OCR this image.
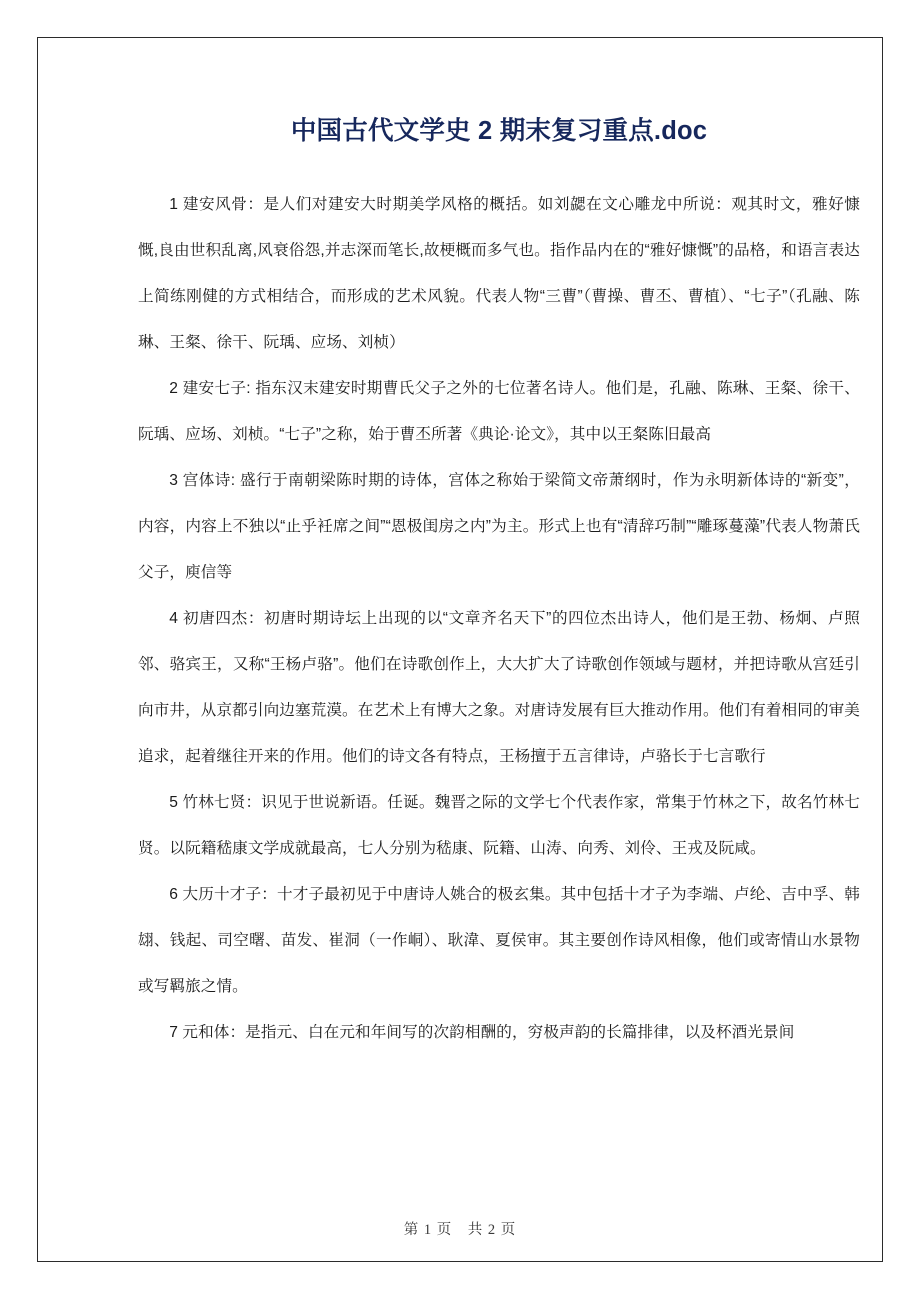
中国古代文学史 2 期末复习重点.doc

1 建安风骨：是人们对建安大时期美学风格的概括。如刘勰在文心雕龙中所说：观其时文，雅好慷慨,良由世积乱离,风衰俗怨,并志深而笔长,故梗概而多气也。指作品内在的“雅好慷慨”的品格，和语言表达上简练刚健的方式相结合，而形成的艺术风貌。代表人物“三曹”（曹操、曹丕、曹植）、“七子”（孔融、陈琳、王粲、徐干、阮瑀、应场、刘桢）

2 建安七子: 指东汉末建安时期曹氏父子之外的七位著名诗人。他们是，孔融、陈琳、王粲、徐干、阮瑀、应场、刘桢。“七子”之称，始于曹丕所著《典论·论文》，其中以王粲陈旧最高

3 宫体诗: 盛行于南朝梁陈时期的诗体，宫体之称始于梁简文帝萧纲时，作为永明新体诗的“新变”，内容，内容上不独以“止乎衽席之间”“恩极闺房之内”为主。形式上也有“清辞巧制”“雕琢蔓藻”代表人物萧氏父子，庾信等

4 初唐四杰：初唐时期诗坛上出现的以“文章齐名天下”的四位杰出诗人，他们是王勃、杨炯、卢照邻、骆宾王，又称“王杨卢骆”。他们在诗歌创作上，大大扩大了诗歌创作领域与题材，并把诗歌从宫廷引向市井，从京都引向边塞荒漠。在艺术上有博大之象。对唐诗发展有巨大推动作用。他们有着相同的审美追求，起着继往开来的作用。他们的诗文各有特点，王杨擅于五言律诗，卢骆长于七言歌行

5 竹林七贤：识见于世说新语。任诞。魏晋之际的文学七个代表作家，常集于竹林之下，故名竹林七贤。以阮籍嵇康文学成就最高，七人分别为嵇康、阮籍、山涛、向秀、刘伶、王戎及阮咸。

6 大历十才子：十才子最初见于中唐诗人姚合的极玄集。其中包括十才子为李端、卢纶、吉中孚、韩翃、钱起、司空曙、苗发、崔洞（一作峒）、耿湋、夏侯审。其主要创作诗风相像，他们或寄情山水景物或写羁旅之情。

7 元和体：是指元、白在元和年间写的次韵相酬的，穷极声韵的长篇排律，以及杯酒光景间

第 1 页　共 2 页
